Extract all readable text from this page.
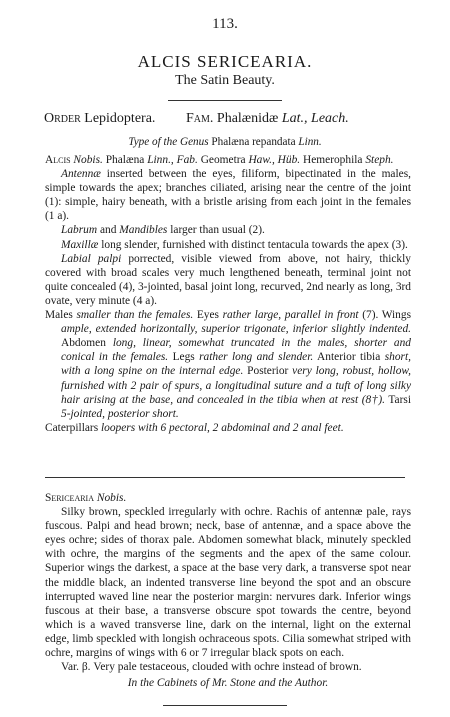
113.
ALCIS SERICEARIA.
The Satin Beauty.
Order Lepidoptera. Fam. Phalænidæ Lat., Leach.
Type of the Genus Phalæna repandata Linn.

Alcis Nobis. Phalæna Linn., Fab. Geometra Haw., Hüb. Hemerophila Steph.

Antennæ inserted between the eyes, filiform, bipectinated in the males, simple towards the apex; branches ciliated, arising near the centre of the joint (1): simple, hairy beneath, with a bristle arising from each joint in the females (1 a).

Labrum and Mandibles larger than usual (2).

Maxillæ long slender, furnished with distinct tentacula towards the apex (3).

Labial palpi porrected, visible viewed from above, not hairy, thickly covered with broad scales very much lengthened beneath, terminal joint not quite concealed (4), 3-jointed, basal joint long, recurved, 2nd nearly as long, 3rd ovate, very minute (4 a).

Males smaller than the females. Eyes rather large, parallel in front (7). Wings ample, extended horizontally, superior trigonate, inferior slightly indented. Abdomen long, linear, somewhat truncated in the males, shorter and conical in the females. Legs rather long and slender. Anterior tibia short, with a long spine on the internal edge. Posterior very long, robust, hollow, furnished with 2 pair of spurs, a longitudinal suture and a tuft of long silky hair arising at the base, and concealed in the tibia when at rest (8†). Tarsi 5-jointed, posterior short.

Caterpillars loopers with 6 pectoral, 2 abdominal and 2 anal feet.

Sericearia Nobis.

Silky brown, speckled irregularly with ochre. Rachis of antennæ pale, rays fuscous. Palpi and head brown; neck, base of antennæ, and a space above the eyes ochre; sides of thorax pale. Abdomen somewhat black, minutely speckled with ochre, the margins of the segments and the apex of the same colour. Superior wings the darkest, a space at the base very dark, a transverse spot near the middle black, an indented transverse line beyond the spot and an obscure interrupted waved line near the posterior margin: nervures dark. Inferior wings fuscous at their base, a transverse obscure spot towards the centre, beyond which is a waved transverse line, dark on the internal, light on the external edge, limb speckled with longish ochraceous spots. Cilia somewhat striped with ochre, margins of wings with 6 or 7 irregular black spots on each.

Var. β. Very pale testaceous, clouded with ochre instead of brown.

In the Cabinets of Mr. Stone and the Author.
